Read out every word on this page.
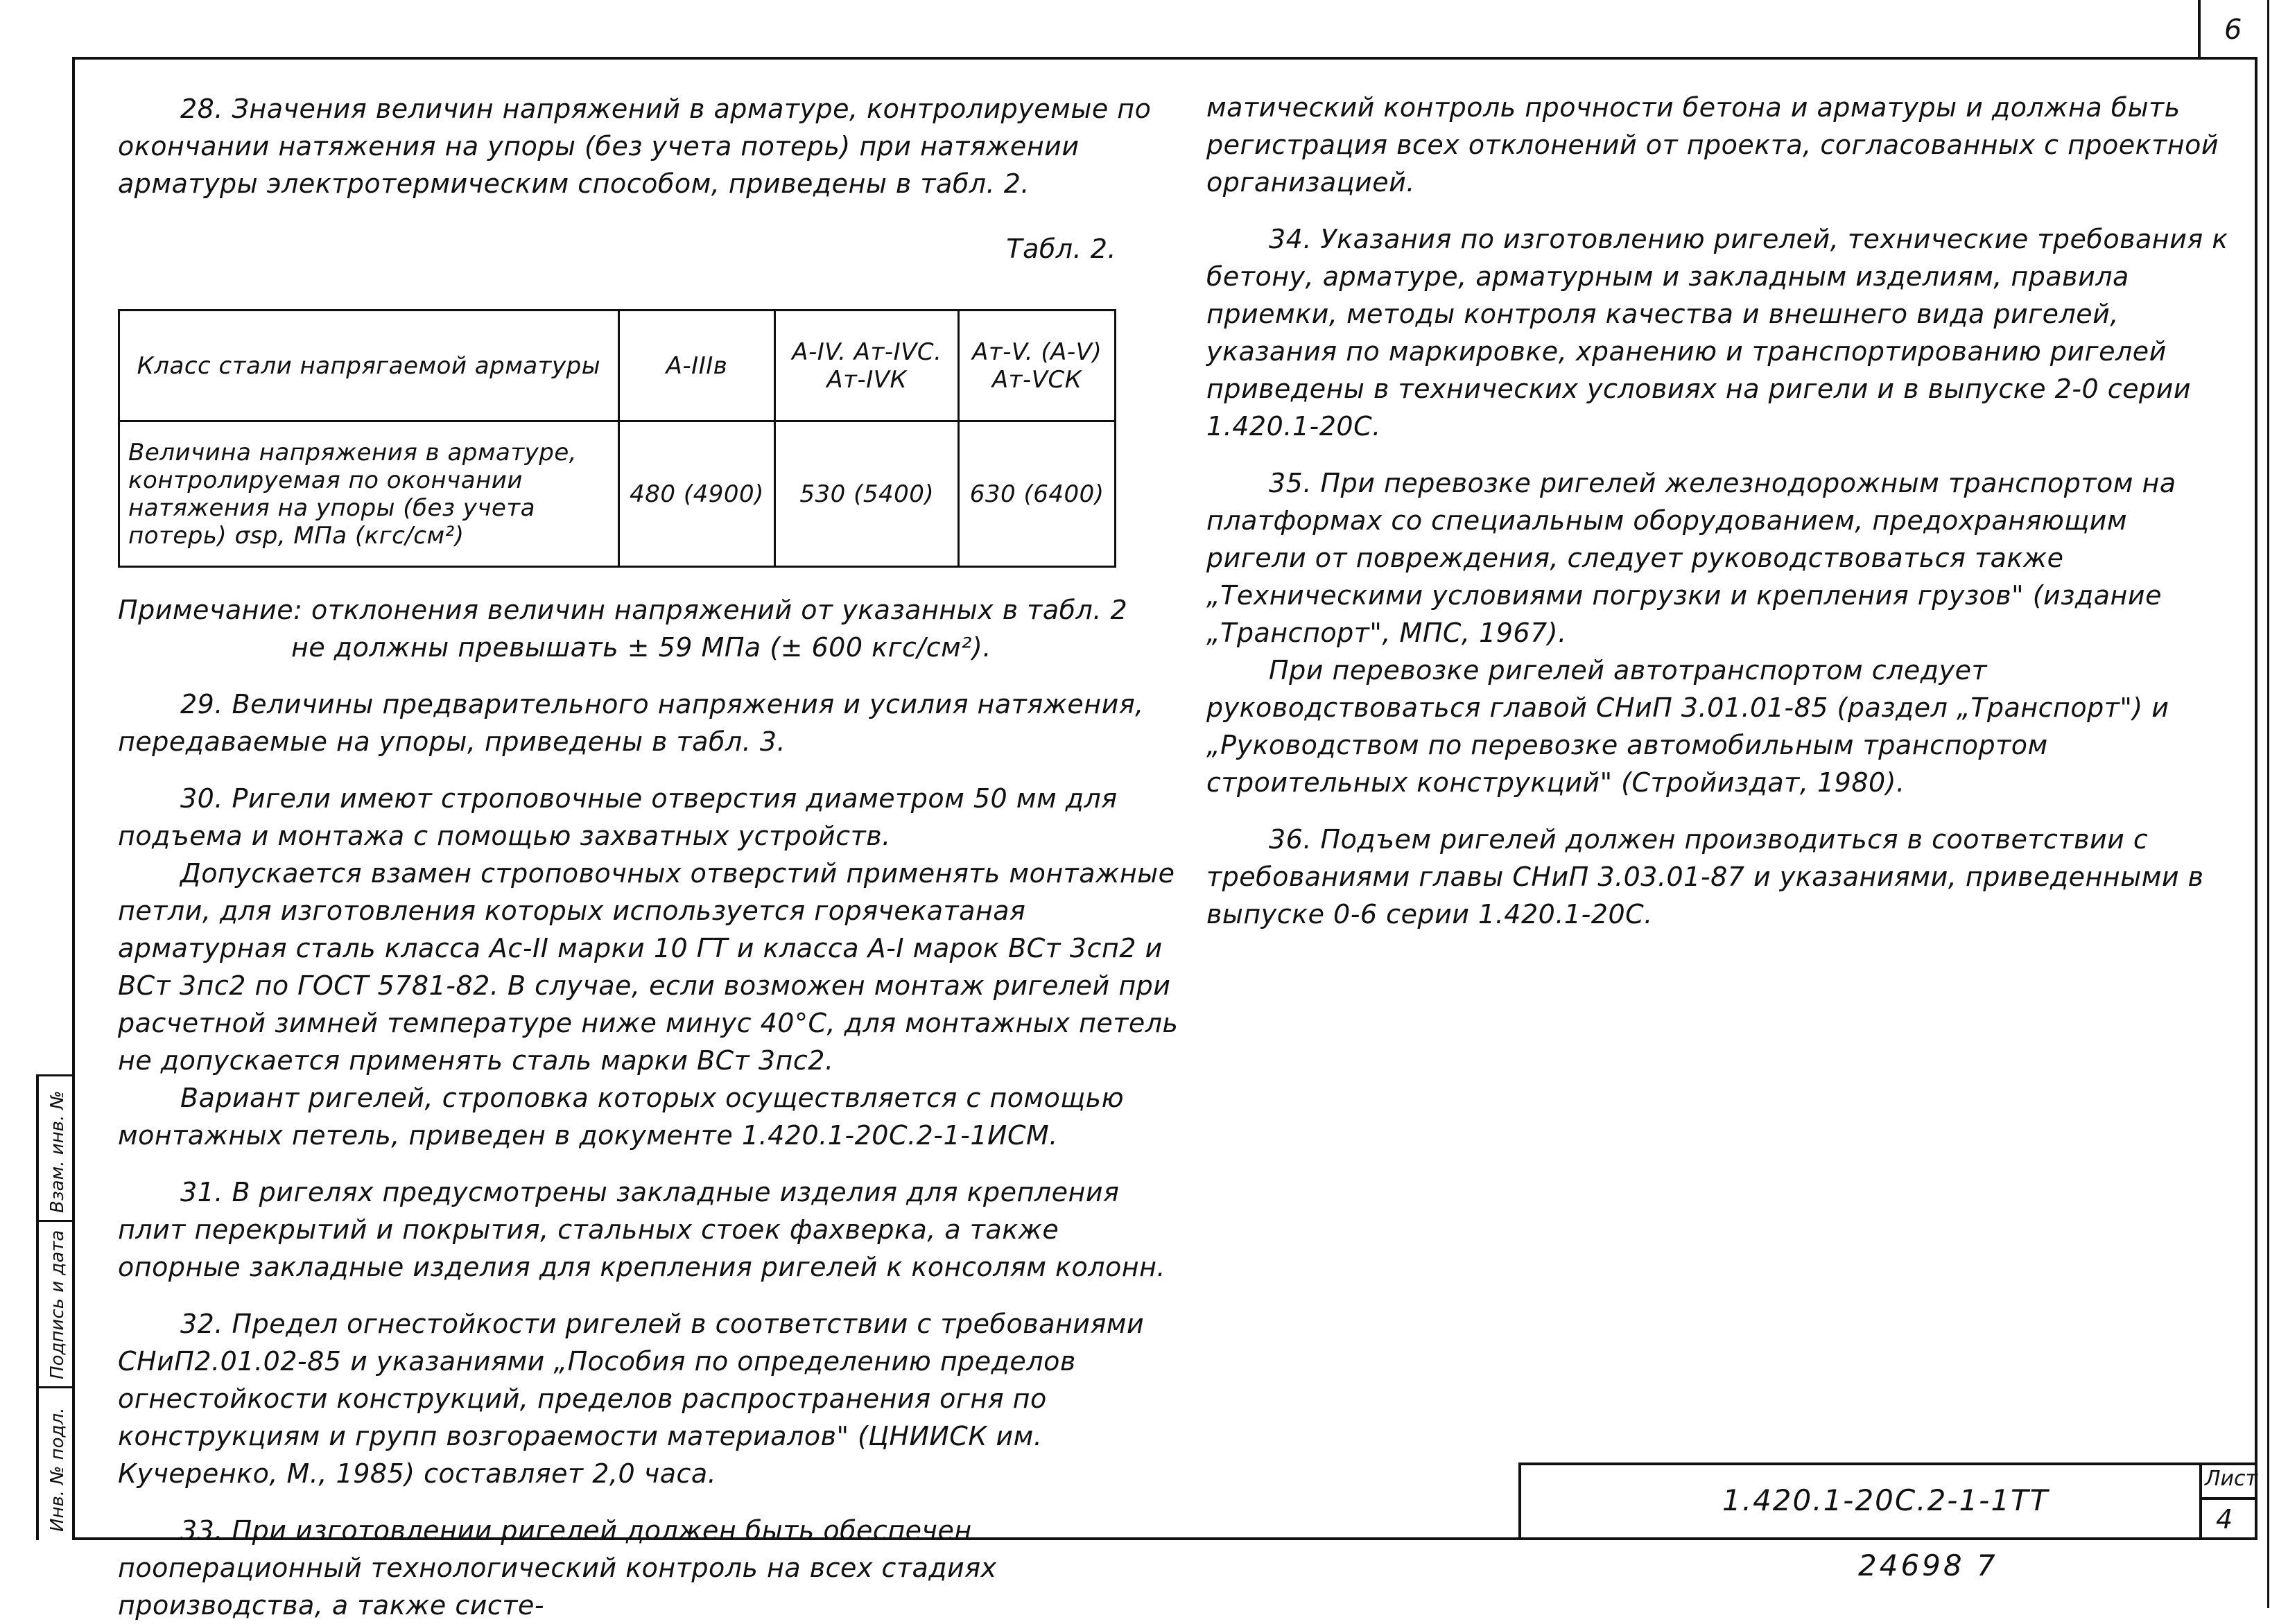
6

28. Значения величин напряжений в арматуре, контролируемые по окончании натяжения на упоры (без учета потерь) при натяжении арматуры электротермическим способом, приведены в табл. 2.

Табл. 2.

Класс стали напрягаемой арматуры	А-IIIв	А-IV. Ат-IVС. Ат-IVК	Ат-V. (А-V) Ат-VСК
Величина напряжения в арматуре, контролируемая по окончании натяжения на упоры (без учета потерь) σsp, МПа (кгс/см²)	480 (4900)	530 (5400)	630 (6400)

Примечание: отклонения величин напряжений от указанных в табл. 2

не должны превышать ± 59 МПа (± 600 кгс/см²).

29. Величины предварительного напряжения и усилия натяжения, передаваемые на упоры, приведены в табл. 3.

30. Ригели имеют строповочные отверстия диаметром 50 мм для подъема и монтажа с помощью захватных устройств.

Допускается взамен строповочных отверстий применять монтажные петли, для изготовления которых используется горячекатаная арматурная сталь класса Ас-II марки 10 ГТ и класса А-I марок ВСт 3сп2 и ВСт 3пс2 по ГОСТ 5781-82. В случае, если возможен монтаж ригелей при расчетной зимней температуре ниже минус 40°С, для монтажных петель не допускается применять сталь марки ВСт 3пс2.

Вариант ригелей, строповка которых осуществляется с помощью монтажных петель, приведен в документе 1.420.1-20С.2-1-1ИСМ.

31. В ригелях предусмотрены закладные изделия для крепления плит перекрытий и покрытия, стальных стоек фахверка, а также опорные закладные изделия для крепления ригелей к консолям колонн.

32. Предел огнестойкости ригелей в соответствии с требованиями СНиП2.01.02-85 и указаниями „Пособия по определению пределов огнестойкости конструкций, пределов распространения огня по конструкциям и групп возгораемости материалов" (ЦНИИСК им. Кучеренко, М., 1985) составляет 2,0 часа.

33. При изготовлении ригелей должен быть обеспечен пооперационный технологический контроль на всех стадиях производства, а также систе-

матический контроль прочности бетона и арматуры и должна быть регистрация всех отклонений от проекта, согласованных с проектной организацией.

34. Указания по изготовлению ригелей, технические требования к бетону, арматуре, арматурным и закладным изделиям, правила приемки, методы контроля качества и внешнего вида ригелей, указания по маркировке, хранению и транспортированию ригелей приведены в технических условиях на ригели и в выпуске 2-0 серии 1.420.1-20С.

35. При перевозке ригелей железнодорожным транспортом на платформах со специальным оборудованием, предохраняющим ригели от повреждения, следует руководствоваться также „Техническими условиями погрузки и крепления грузов" (издание „Транспорт", МПС, 1967).

При перевозке ригелей автотранспортом следует руководствоваться главой СНиП 3.01.01-85 (раздел „Транспорт") и „Руководством по перевозке автомобильным транспортом строительных конструкций" (Стройиздат, 1980).

36. Подъем ригелей должен производиться в соответствии с требованиями главы СНиП 3.03.01-87 и указаниями, приведенными в выпуске 0-6 серии 1.420.1-20С.

1.420.1-20С.2-1-1ТТ
Лист
4
24698 7
Взам. инв. №
Подпись и дата
Инв. № подл.
